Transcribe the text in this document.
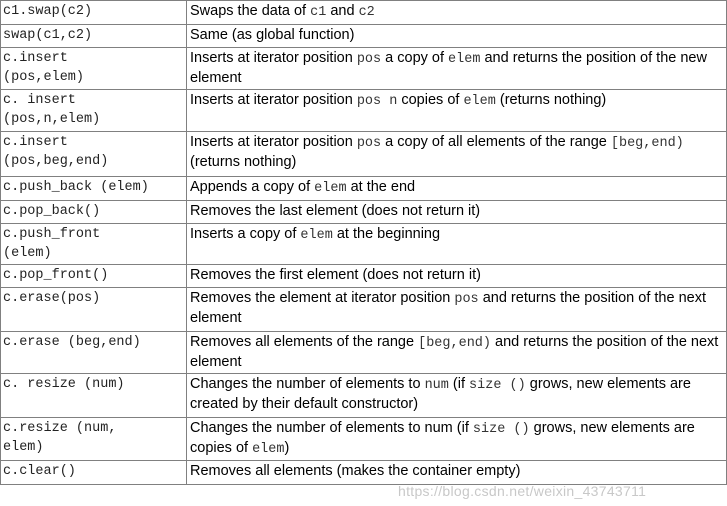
c1.swap(c2)	Swaps the data of c1 and c2
swap(c1,c2)	Same (as global function)
c.insert
(pos,elem)	Inserts at iterator position pos a copy of elem and returns the position of the new element
c. insert
(pos,n,elem)	Inserts at iterator position pos n copies of elem (returns nothing)
c.insert
(pos,beg,end)	Inserts at iterator position pos a copy of all elements of the range [beg,end) (returns nothing)
c.push_back (elem)	Appends a copy of elem at the end
c.pop_back()	Removes the last element (does not return it)
c.push_front
(elem)	Inserts a copy of elem at the beginning
c.pop_front()	Removes the first element (does not return it)
c.erase(pos)	Removes the element at iterator position pos and returns the position of the next element
c.erase (beg,end)	Removes all elements of the range [beg,end) and returns the position of the next element
c. resize (num)	Changes the number of elements to num (if size () grows, new elements are created by their default constructor)
c.resize (num,
elem)	Changes the number of elements to num (if size () grows, new elements are copies of elem)
c.clear()	Removes all elements (makes the container empty)
https://blog.csdn.net/weixin_43743711
